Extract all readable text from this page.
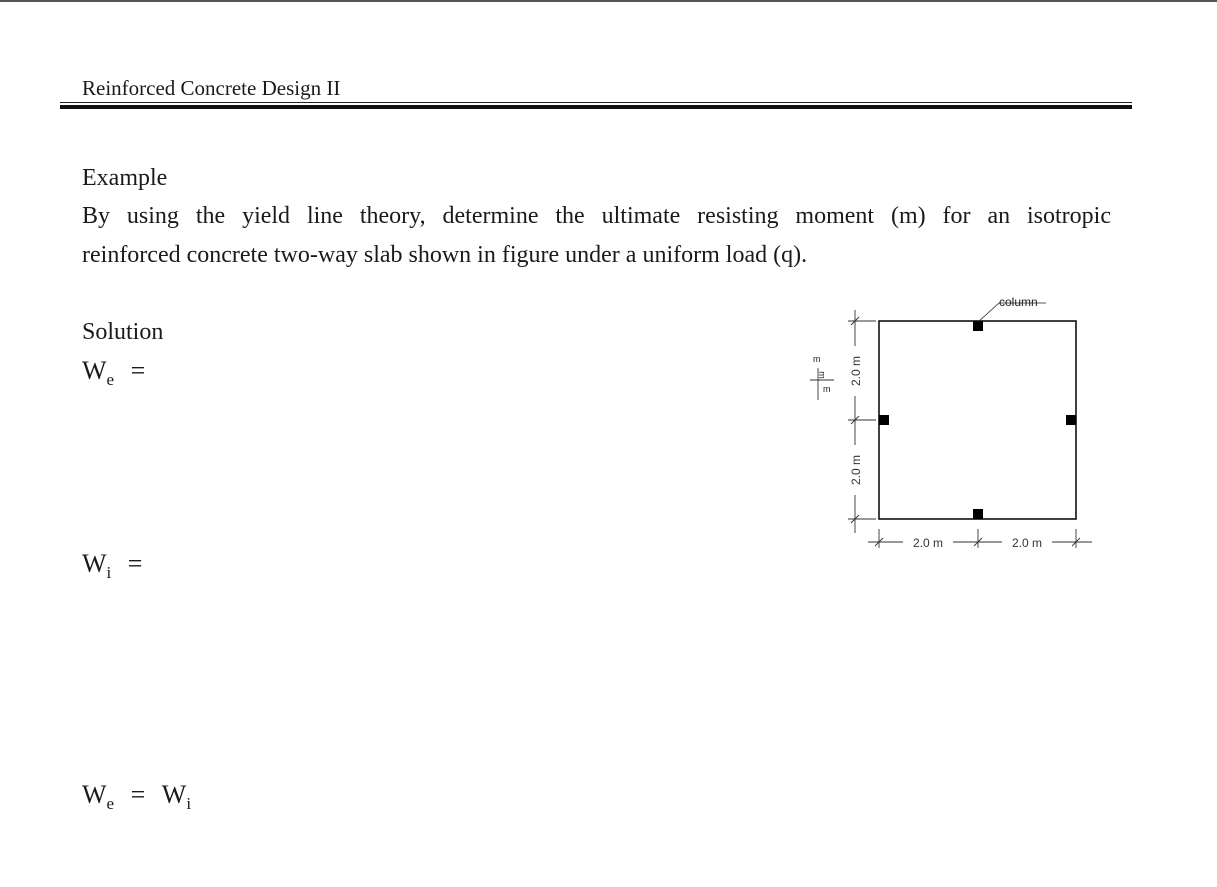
Reinforced Concrete Design II
Example
By using the yield line theory, determine the ultimate resisting moment (m) for an isotropic
reinforced concrete two-way slab shown in figure under a uniform load (q).
Solution
$W_e$ =
$W_i$ =
$W_e = W_i$
column
2.0 m
2.0 m
2.0 m	2.0 m
m
m
m
